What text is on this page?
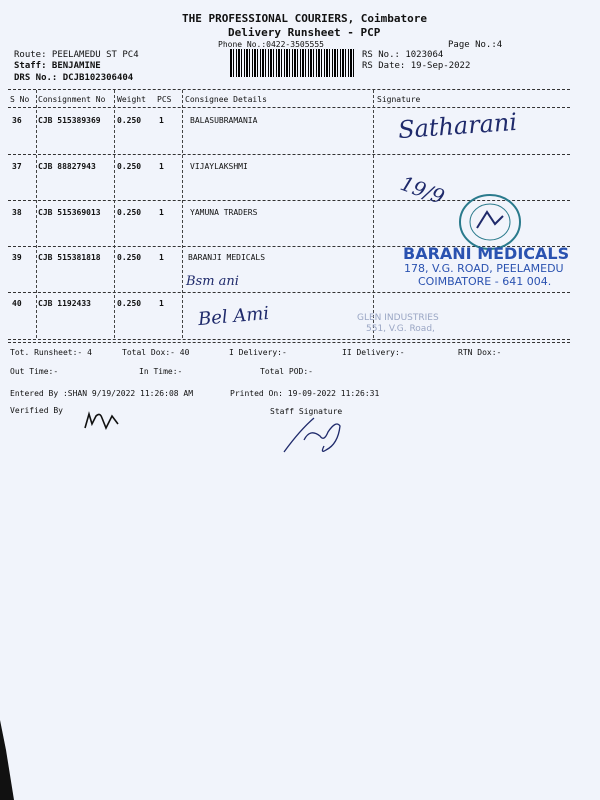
THE PROFESSIONAL COURIERS, Coimbatore
Delivery Runsheet - PCP
Phone No.:0422-3505555	Page No.:4
Route: PEELAMEDU ST PC4
Staff: BENJAMINE
DRS No.: DCJB102306404
RS No.: 1023064
RS Date: 19-Sep-2022
S No Consignment No Weight PCS Consignee Details	Signature
36 CJB 515389369 0.250 1	BALASUBRAMANIA
37 CJB 88827943	0.250 1	VIJAYLAKSHMI
38 CJB 515369013 0.250 1	YAMUNA TRADERS
39 CJB 515381818 0.250 1	BARANJI MEDICALS
40 CJB 1192433	0.250 1
Satharani
19/9
Bsm ani
Bel Ami
BARANI MEDICALS
178, V.G. ROAD, PEELAMEDU
COIMBATORE - 641 004.
GLEN INDUSTRIES
551, V.G. Road,
Tot. Runsheet:- 4	Total Dox:- 40	I Delivery:-	II Delivery:-	RTN Dox:-
Out Time:-	In Time:-	Total POD:-
Entered By :SHAN 9/19/2022 11:26:08 AM	Printed On: 19-09-2022 11:26:31
Verified By	Staff Signature
